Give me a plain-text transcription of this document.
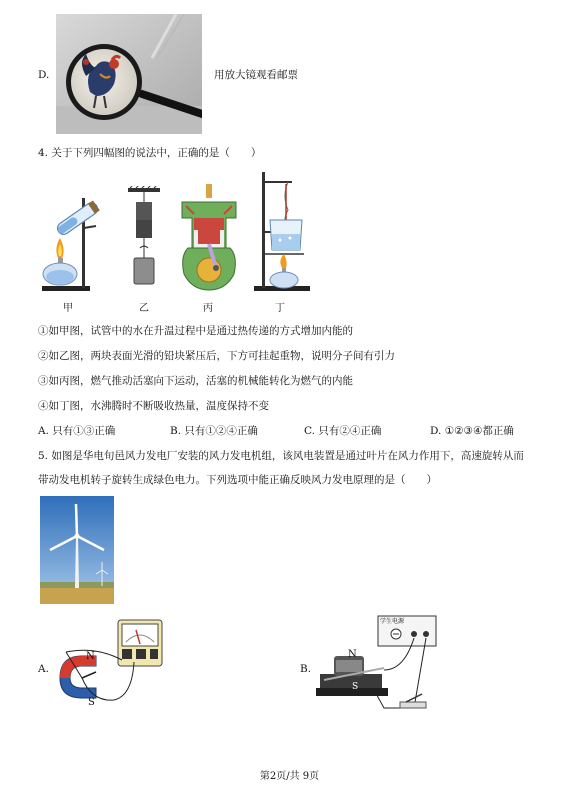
D.	用放大镜观看邮票
4. 关于下列四幅图的说法中，正确的是（　　）
甲	乙	丙	丁
①如甲图，试管中的水在升温过程中是通过热传递的方式增加内能的
②如乙图，两块表面光滑的铅块紧压后，下方可挂起重物，说明分子间有引力
③如丙图，燃气推动活塞向下运动，活塞的机械能转化为燃气的内能
④如丁图，水沸腾时不断吸收热量，温度保持不变
A. 只有①③正确	B. 只有①②④正确	C. 只有②④正确	D. ①②③④都正确
5. 如图是华电旬邑风力发电厂安装的风力发电机组，该风电装置是通过叶片在风力作用下，高速旋转从而
带动发电机转子旋转生成绿色电力。下列选项中能正确反映风力发电原理的是（　　）
A.
N
S
B.
学生电源
N
S
第2页/共 9页
